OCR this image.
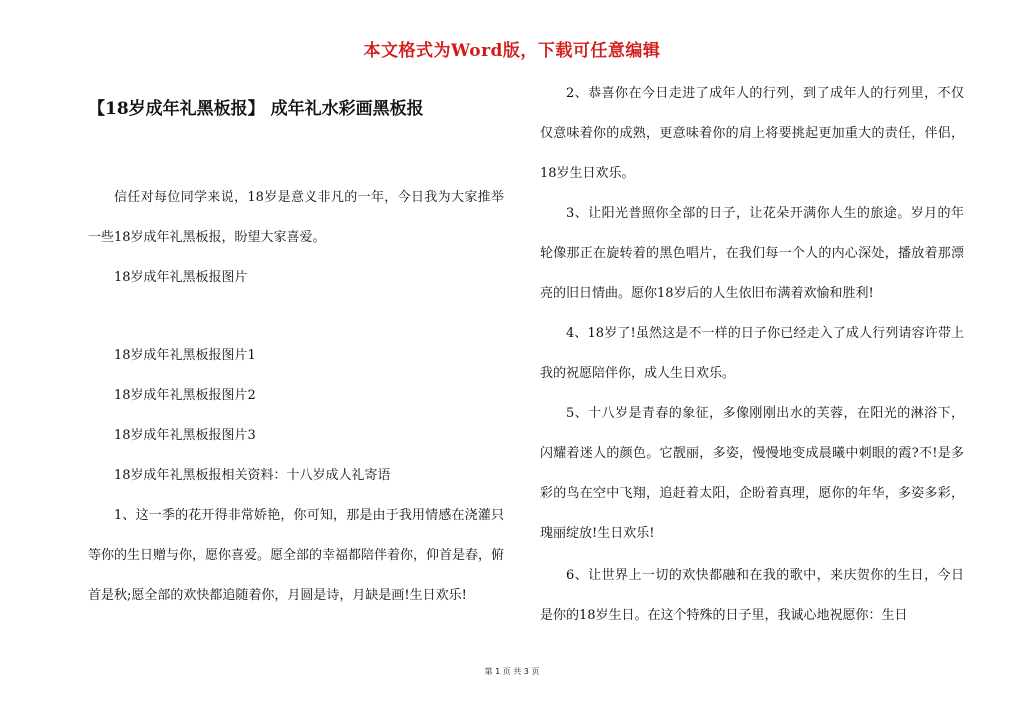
本文格式为Word版，下载可任意编辑
【18岁成年礼黑板报】 成年礼水彩画黑板报

信任对每位同学来说，18岁是意义非凡的一年，今日我为大家推举一些18岁成年礼黑板报，盼望大家喜爱。

18岁成年礼黑板报图片

18岁成年礼黑板报图片1

18岁成年礼黑板报图片2

18岁成年礼黑板报图片3

18岁成年礼黑板报相关资料：十八岁成人礼寄语

1、这一季的花开得非常娇艳，你可知，那是由于我用情感在浇灌只等你的生日赠与你，愿你喜爱。愿全部的幸福都陪伴着你，仰首是春，俯首是秋;愿全部的欢快都追随着你，月圆是诗，月缺是画!生日欢乐!

2、恭喜你在今日走进了成年人的行列，到了成年人的行列里，不仅仅意味着你的成熟，更意味着你的肩上将要挑起更加重大的责任，伴侣，18岁生日欢乐。

3、让阳光普照你全部的日子，让花朵开满你人生的旅途。岁月的年轮像那正在旋转着的黑色唱片，在我们每一个人的内心深处，播放着那漂亮的旧日情曲。愿你18岁后的人生依旧布满着欢愉和胜利!

4、18岁了!虽然这是不一样的日子你已经走入了成人行列请容许带上我的祝愿陪伴你，成人生日欢乐。

5、十八岁是青春的象征，多像刚刚出水的芙蓉，在阳光的淋浴下，闪耀着迷人的颜色。它靓丽，多姿，慢慢地变成晨曦中刺眼的霞?不!是多彩的鸟在空中飞翔，追赶着太阳，企盼着真理，愿你的年华，多姿多彩，瑰丽绽放!生日欢乐!

6、让世界上一切的欢快都融和在我的歌中，来庆贺你的生日，今日是你的18岁生日。在这个特殊的日子里，我诚心地祝愿你：生日

第 1 页 共 3 页
